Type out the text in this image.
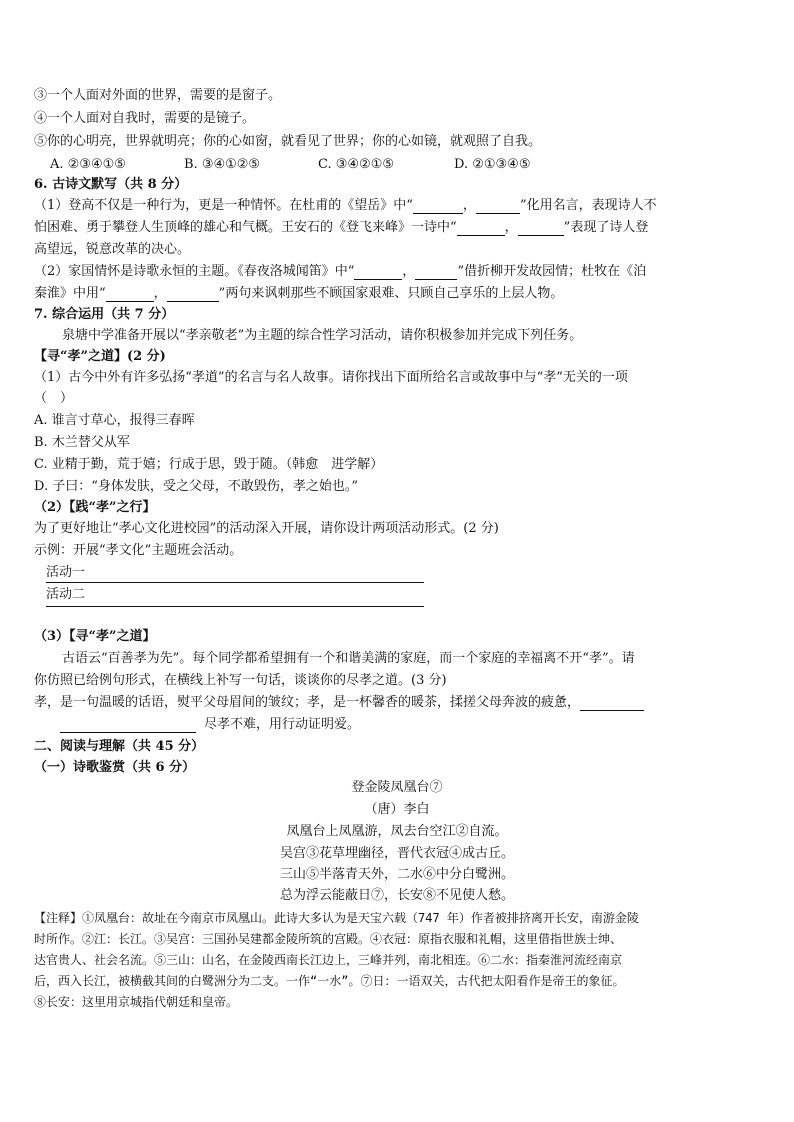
③一个人面对外面的世界，需要的是窗子。
④一个人面对自我时，需要的是镜子。
⑤你的心明亮，世界就明亮；你的心如窗，就看见了世界；你的心如镜，就观照了自我。
A. ②③④①⑤	B. ③④①②⑤	C. ③④②①⑤	D. ②①③④⑤
6. 古诗文默写（共 8 分）
（1）登高不仅是一种行为，更是一种情怀。在杜甫的《望岳》中“	，	”化用名言，表现诗人不
怕困难、勇于攀登人生顶峰的雄心和气概。王安石的《登飞来峰》一诗中“	，	”表现了诗人登
高望远，锐意改革的决心。
（2）家国情怀是诗歌永恒的主题。《春夜洛城闻笛》中“	，	”借折柳开发故园情；杜牧在《泊
秦淮》中用“	，	”两句来讽刺那些不顾国家艰难、只顾自己享乐的上层人物。
7. 综合运用（共 7 分）
泉塘中学准备开展以“孝亲敬老”为主题的综合性学习活动，请你积极参加并完成下列任务。
【寻“孝”之道】(2 分)
（1）古今中外有许多弘扬“孝道”的名言与名人故事。请你找出下面所给名言或故事中与“孝”无关的一项
（　）
A. 谁言寸草心，报得三春晖
B. 木兰替父从军
C. 业精于勤，荒于嬉；行成于思，毁于随。（韩愈　进学解）
D. 子曰：“身体发肤，受之父母，不敢毁伤，孝之始也。”
（2）【践“孝”之行】
为了更好地让“孝心文化进校园”的活动深入开展，请你设计两项活动形式。(2 分)
示例：开展“孝文化”主题班会活动。
活动一
活动二
（3）【寻“孝”之道】
古语云“百善孝为先”。每个同学都希望拥有一个和谐美满的家庭，而一个家庭的幸福离不开“孝”。请
你仿照已给例句形式，在横线上补写一句话，谈谈你的尽孝之道。(3 分)
孝，是一句温暖的话语，熨平父母眉间的皱纹；孝，是一杯馨香的暖茶，揉搓父母奔波的疲惫，
尽孝不难，用行动证明爱。
二、阅读与理解（共 45 分）
（一）诗歌鉴赏（共 6 分）
登金陵凤凰台⑦
（唐）李白
凤凰台上凤凰游，凤去台空江②自流。
吴宫③花草埋幽径，晋代衣冠④成古丘。
三山⑤半落青天外，二水⑥中分白鹭洲。
总为浮云能蔽日⑦，长安⑧不见使人愁。
【注释】①凤凰台：故址在今南京市凤凰山。此诗大多认为是天宝六载（747 年）作者被排挤离开长安，南游金陵
时所作。②江：长江。③吴宫：三国孙吴建都金陵所筑的宫殿。④衣冠：原指衣服和礼帽，这里借指世族士绅、
达官贵人、社会名流。⑤三山：山名，在金陵西南长江边上，三峰并列，南北相连。⑥二水：指秦淮河流经南京
后，西入长江，被横截其间的白鹭洲分为二支。一作“一水”。⑦日：一语双关，古代把太阳看作是帝王的象征。
⑧长安：这里用京城指代朝廷和皇帝。
